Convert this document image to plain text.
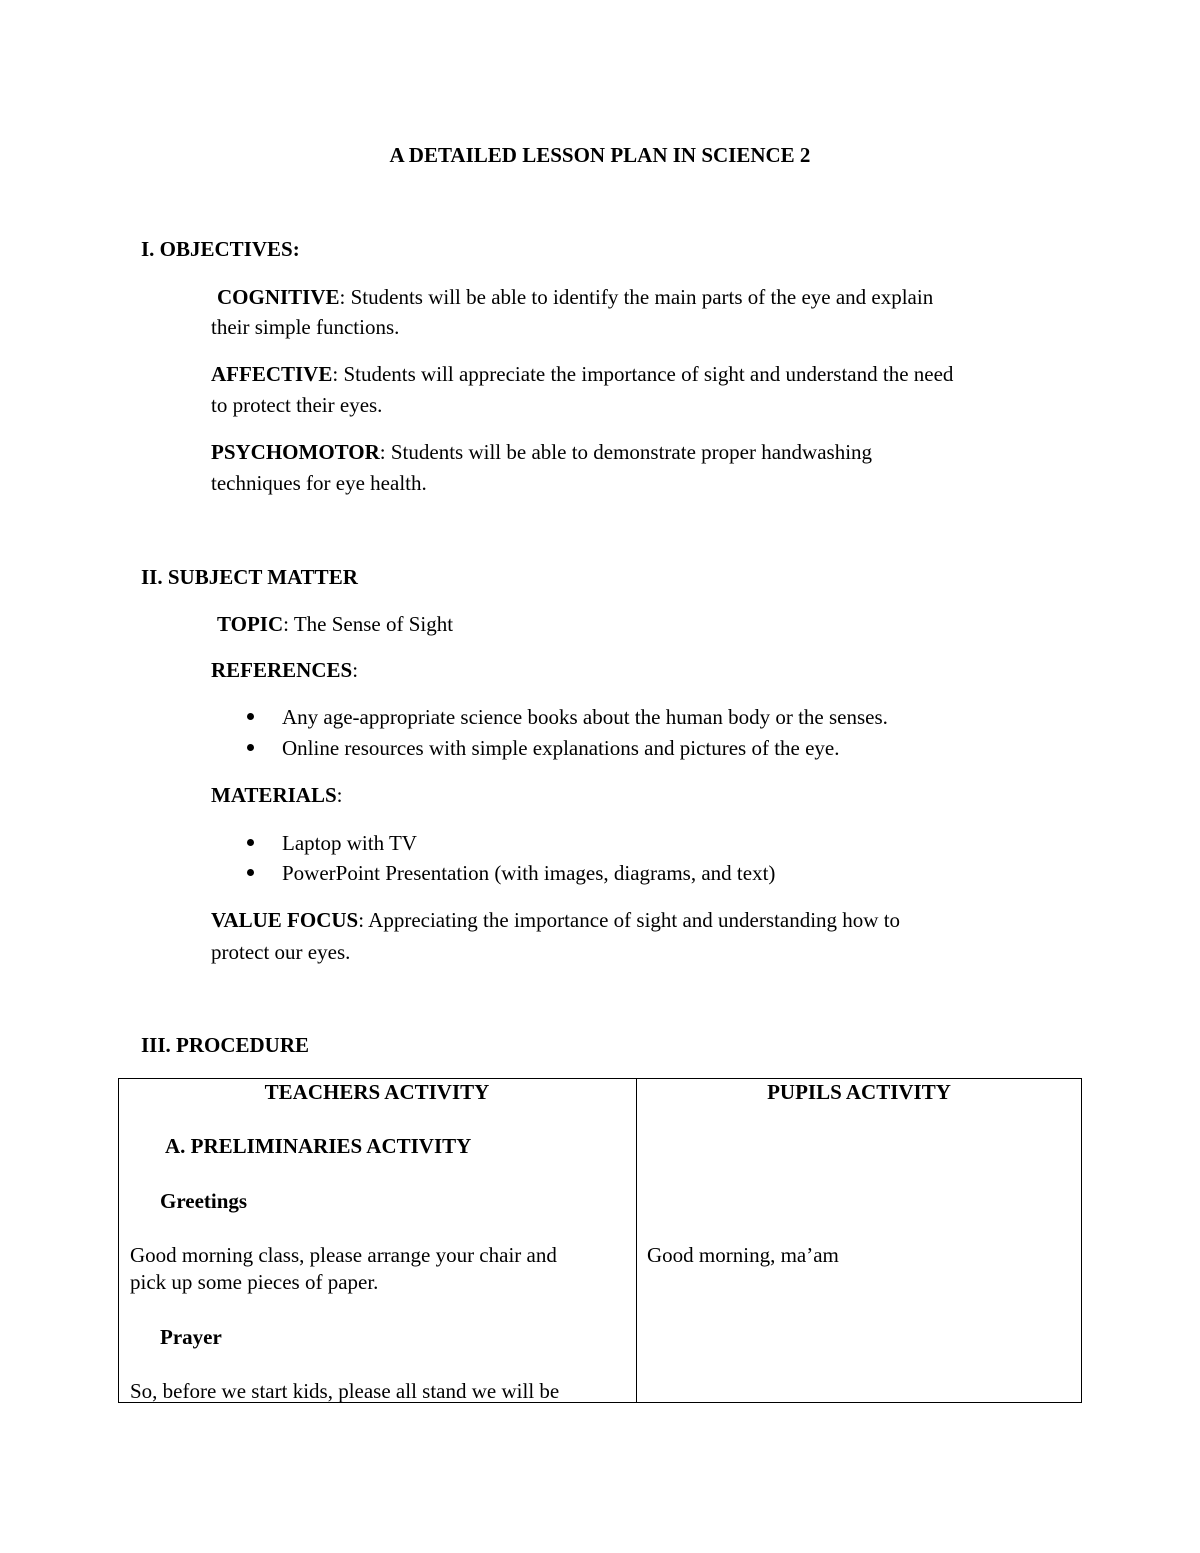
A DETAILED LESSON PLAN IN SCIENCE 2
I. OBJECTIVES:
COGNITIVE: Students will be able to identify the main parts of the eye and explain
their simple functions.
AFFECTIVE: Students will appreciate the importance of sight and understand the need
to protect their eyes.
PSYCHOMOTOR: Students will be able to demonstrate proper handwashing
techniques for eye health.
II. SUBJECT MATTER
TOPIC: The Sense of Sight
REFERENCES:
Any age-appropriate science books about the human body or the senses.
Online resources with simple explanations and pictures of the eye.
MATERIALS:
Laptop with TV
PowerPoint Presentation (with images, diagrams, and text)
VALUE FOCUS: Appreciating the importance of sight and understanding how to
protect our eyes.
III. PROCEDURE
TEACHERS ACTIVITY	PUPILS ACTIVITY
A. PRELIMINARIES ACTIVITY
Greetings
Good morning class, please arrange your chair and
pick up some pieces of paper.
Good morning, ma’am
Prayer
So, before we start kids, please all stand we will be
